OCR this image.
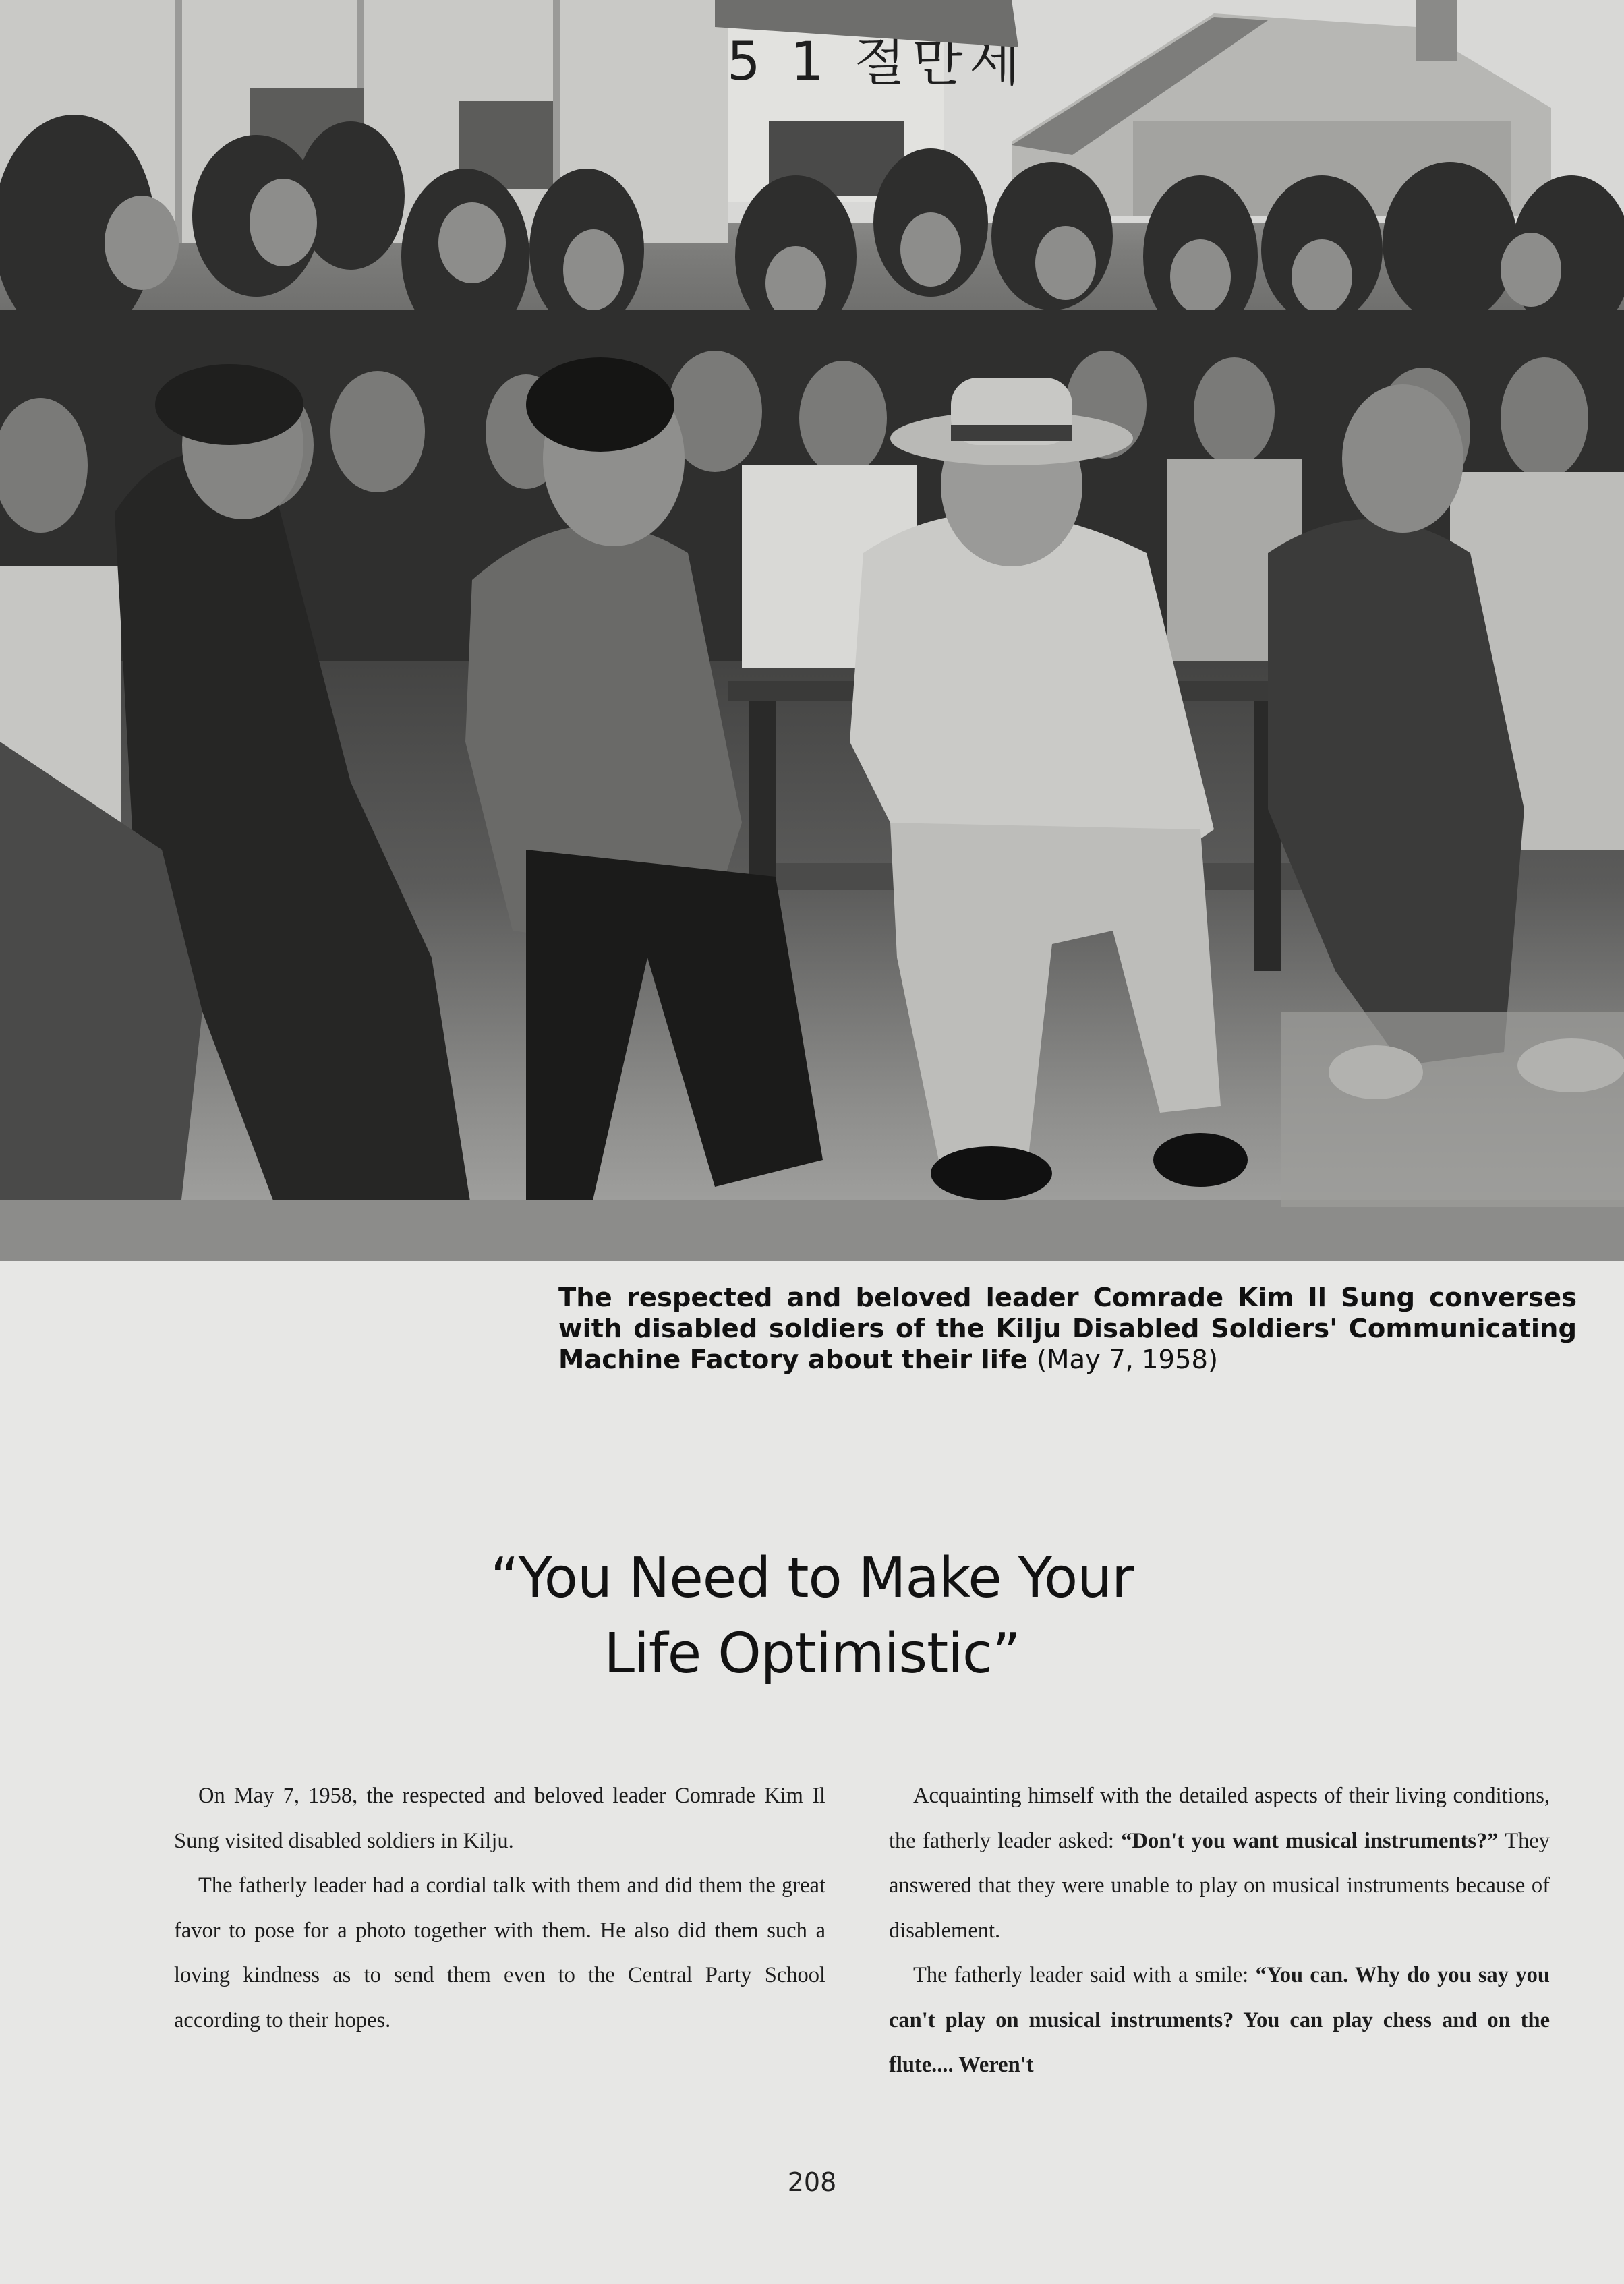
5 1 절만세
The respected and beloved leader Comrade Kim Il Sung converses with disabled soldiers of the Kilju Disabled Soldiers' Communicating Machine Factory about their life (May 7, 1958)
“You Need to Make Your
Life Optimistic”

On May 7, 1958, the respected and beloved leader Comrade Kim Il Sung visited disabled soldiers in Kilju.

The fatherly leader had a cordial talk with them and did them the great favor to pose for a photo together with them. He also did them such a loving kindness as to send them even to the Central Party School according to their hopes.

Acquainting himself with the detailed aspects of their living conditions, the fatherly leader asked: “Don't you want musical instruments?” They answered that they were unable to play on musical instruments because of disablement.

The fatherly leader said with a smile: “You can. Why do you say you can't play on musical instruments? You can play chess and on the flute.... Weren't

208
